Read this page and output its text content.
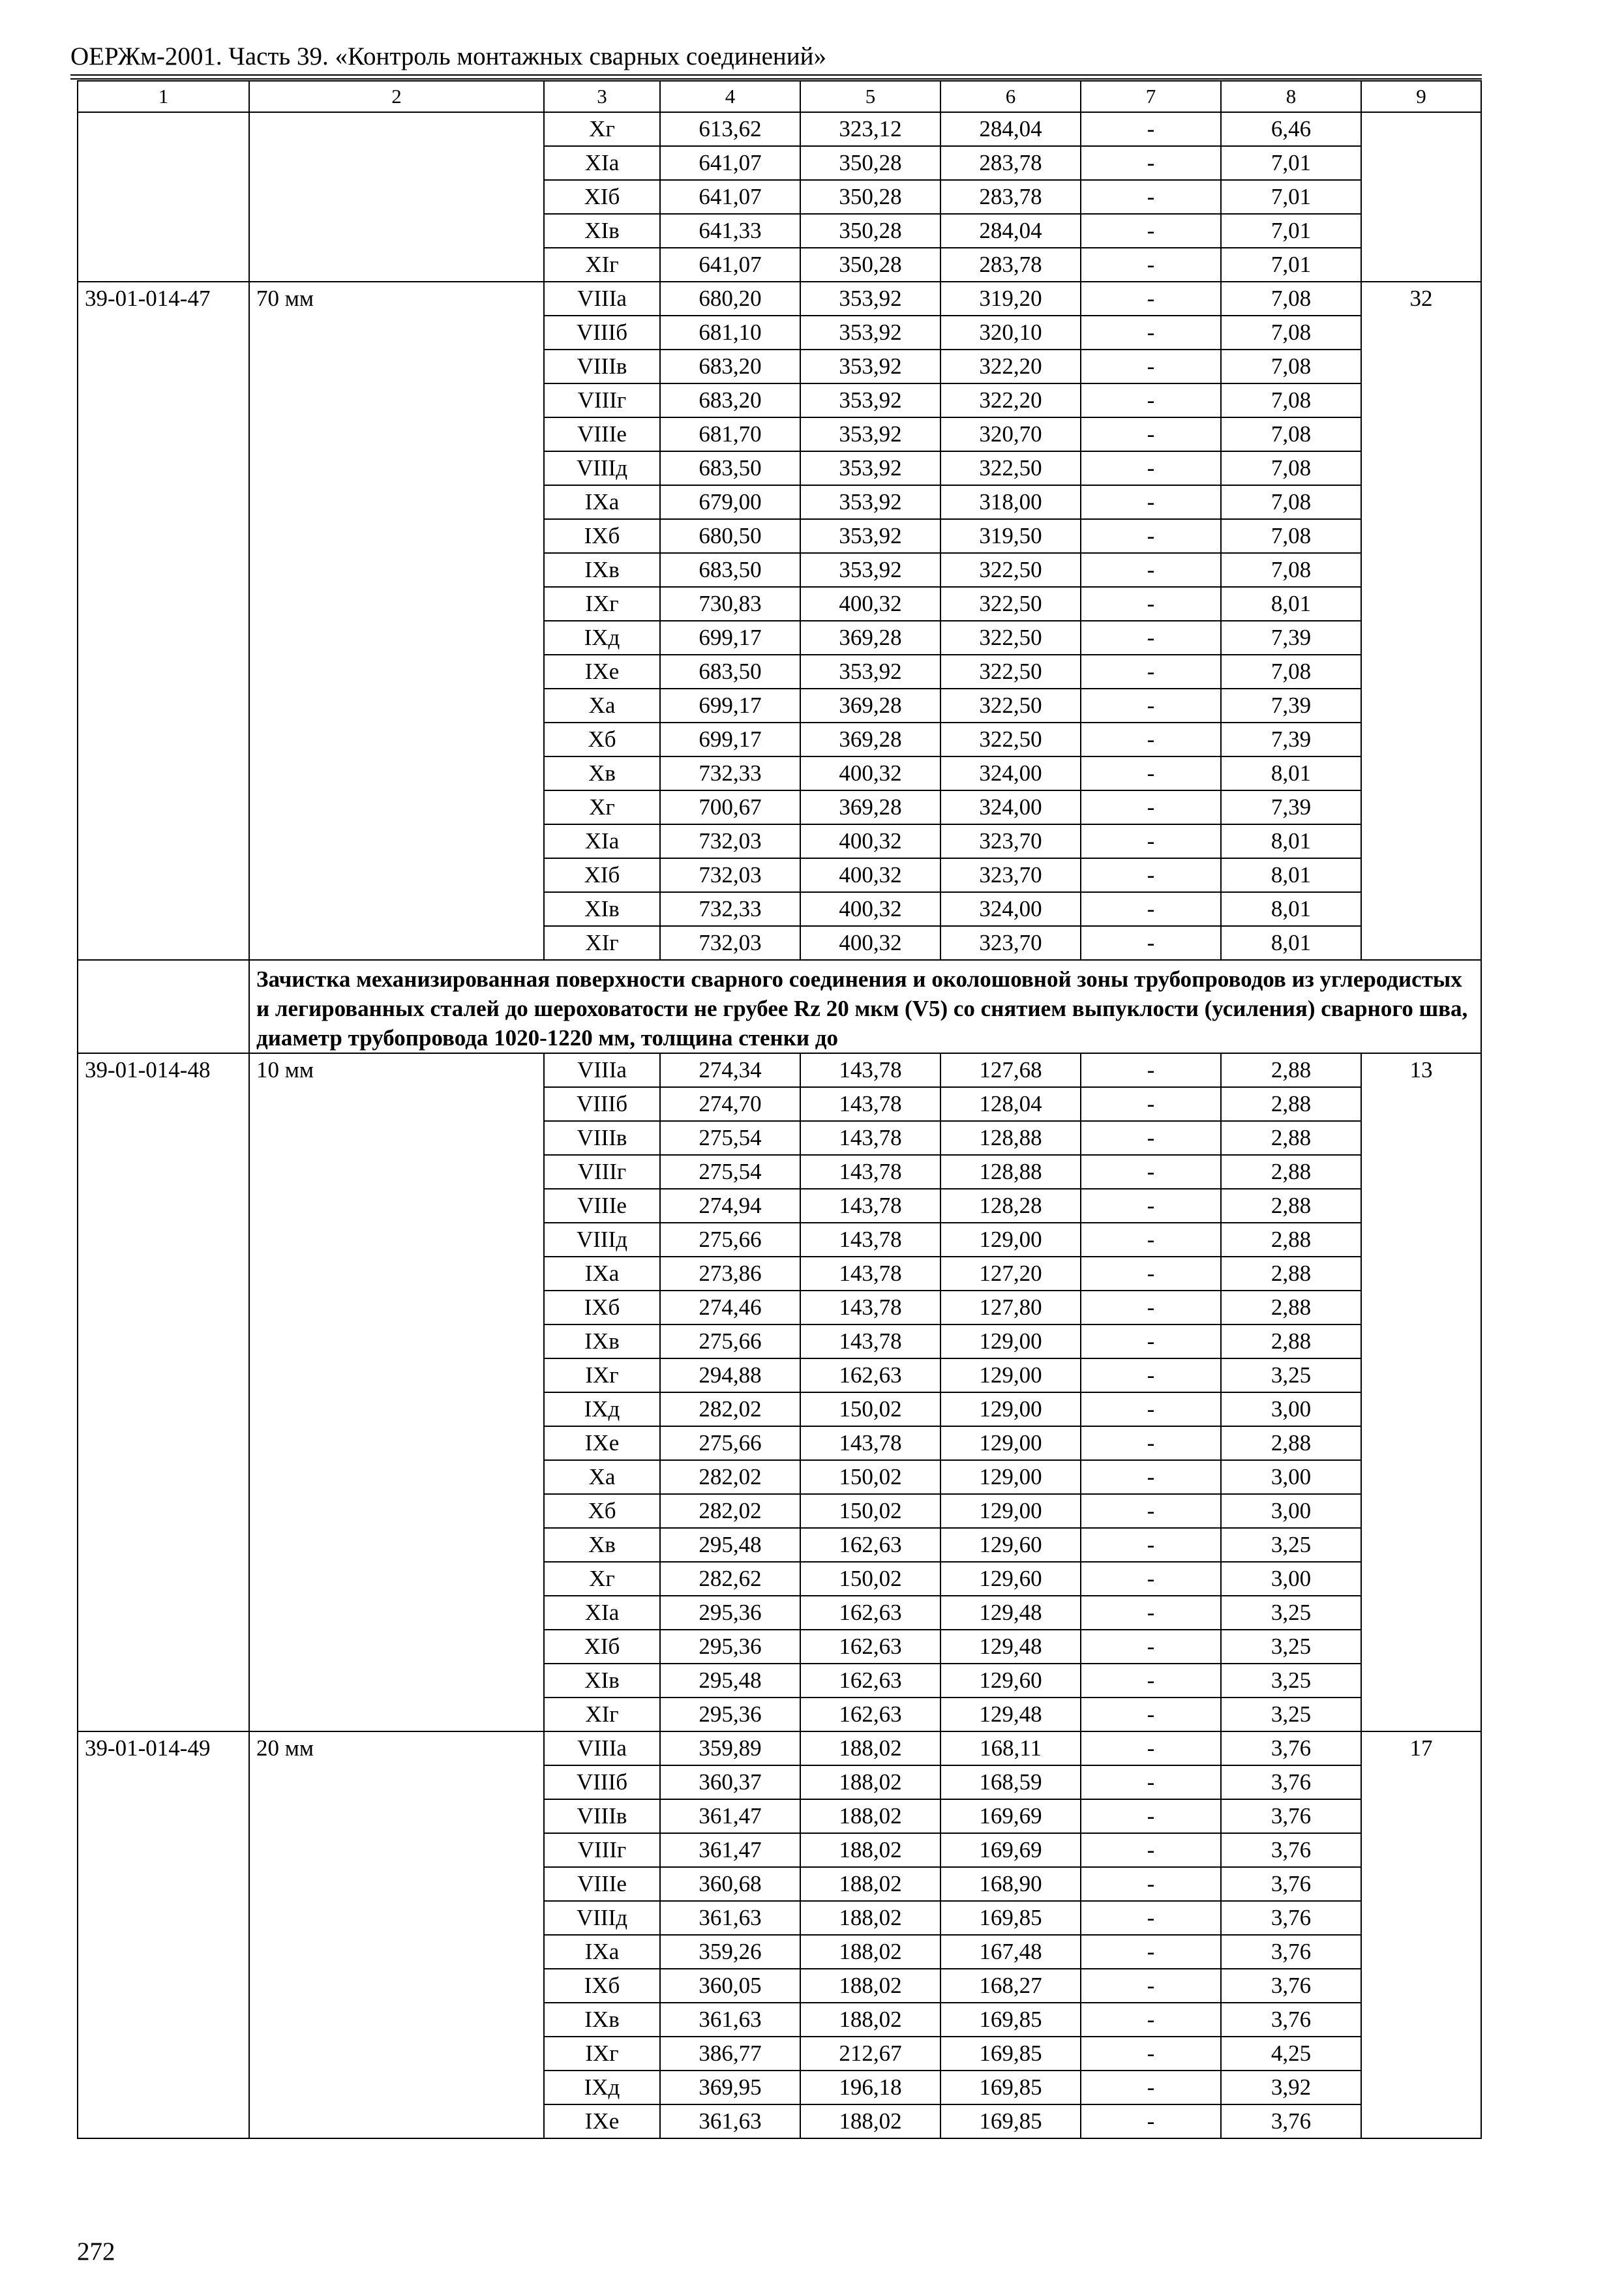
ОЕРЖм-2001. Часть 39. «Контроль монтажных сварных соединений»
1	2	3	4	5	6	7	8	9
		Xг	613,62	323,12	284,04	-	6,46	
		XIа	641,07	350,28	283,78	-	7,01	
		XIб	641,07	350,28	283,78	-	7,01	
		XIв	641,33	350,28	284,04	-	7,01	
		XIг	641,07	350,28	283,78	-	7,01	
39-01-014-47	70 мм	VIIIа	680,20	353,92	319,20	-	7,08	32
		VIIIб	681,10	353,92	320,10	-	7,08	
		VIIIв	683,20	353,92	322,20	-	7,08	
		VIIIг	683,20	353,92	322,20	-	7,08	
		VIIIе	681,70	353,92	320,70	-	7,08	
		VIIIд	683,50	353,92	322,50	-	7,08	
		IXа	679,00	353,92	318,00	-	7,08	
		IXб	680,50	353,92	319,50	-	7,08	
		IXв	683,50	353,92	322,50	-	7,08	
		IXг	730,83	400,32	322,50	-	8,01	
		IXд	699,17	369,28	322,50	-	7,39	
		IXе	683,50	353,92	322,50	-	7,08	
		Xа	699,17	369,28	322,50	-	7,39	
		Xб	699,17	369,28	322,50	-	7,39	
		Xв	732,33	400,32	324,00	-	8,01	
		Xг	700,67	369,28	324,00	-	7,39	
		XIа	732,03	400,32	323,70	-	8,01	
		XIб	732,03	400,32	323,70	-	8,01	
		XIв	732,33	400,32	324,00	-	8,01	
		XIг	732,03	400,32	323,70	-	8,01	
	Зачистка механизированная поверхности сварного соединения и околошовной зоны трубопроводов из углеродистых и легированных сталей до шероховатости не грубее Rz 20 мкм (V5) со снятием выпуклости (усиления) сварного шва, диаметр трубопровода 1020-1220 мм, толщина стенки до							
39-01-014-48	10 мм	VIIIа	274,34	143,78	127,68	-	2,88	13
		VIIIб	274,70	143,78	128,04	-	2,88	
		VIIIв	275,54	143,78	128,88	-	2,88	
		VIIIг	275,54	143,78	128,88	-	2,88	
		VIIIе	274,94	143,78	128,28	-	2,88	
		VIIIд	275,66	143,78	129,00	-	2,88	
		IXа	273,86	143,78	127,20	-	2,88	
		IXб	274,46	143,78	127,80	-	2,88	
		IXв	275,66	143,78	129,00	-	2,88	
		IXг	294,88	162,63	129,00	-	3,25	
		IXд	282,02	150,02	129,00	-	3,00	
		IXе	275,66	143,78	129,00	-	2,88	
		Xа	282,02	150,02	129,00	-	3,00	
		Xб	282,02	150,02	129,00	-	3,00	
		Xв	295,48	162,63	129,60	-	3,25	
		Xг	282,62	150,02	129,60	-	3,00	
		XIа	295,36	162,63	129,48	-	3,25	
		XIб	295,36	162,63	129,48	-	3,25	
		XIв	295,48	162,63	129,60	-	3,25	
		XIг	295,36	162,63	129,48	-	3,25	
39-01-014-49	20 мм	VIIIа	359,89	188,02	168,11	-	3,76	17
		VIIIб	360,37	188,02	168,59	-	3,76	
		VIIIв	361,47	188,02	169,69	-	3,76	
		VIIIг	361,47	188,02	169,69	-	3,76	
		VIIIе	360,68	188,02	168,90	-	3,76	
		VIIIд	361,63	188,02	169,85	-	3,76	
		IXа	359,26	188,02	167,48	-	3,76	
		IXб	360,05	188,02	168,27	-	3,76	
		IXв	361,63	188,02	169,85	-	3,76	
		IXг	386,77	212,67	169,85	-	4,25	
		IXд	369,95	196,18	169,85	-	3,92	
		IXе	361,63	188,02	169,85	-	3,76	
272
